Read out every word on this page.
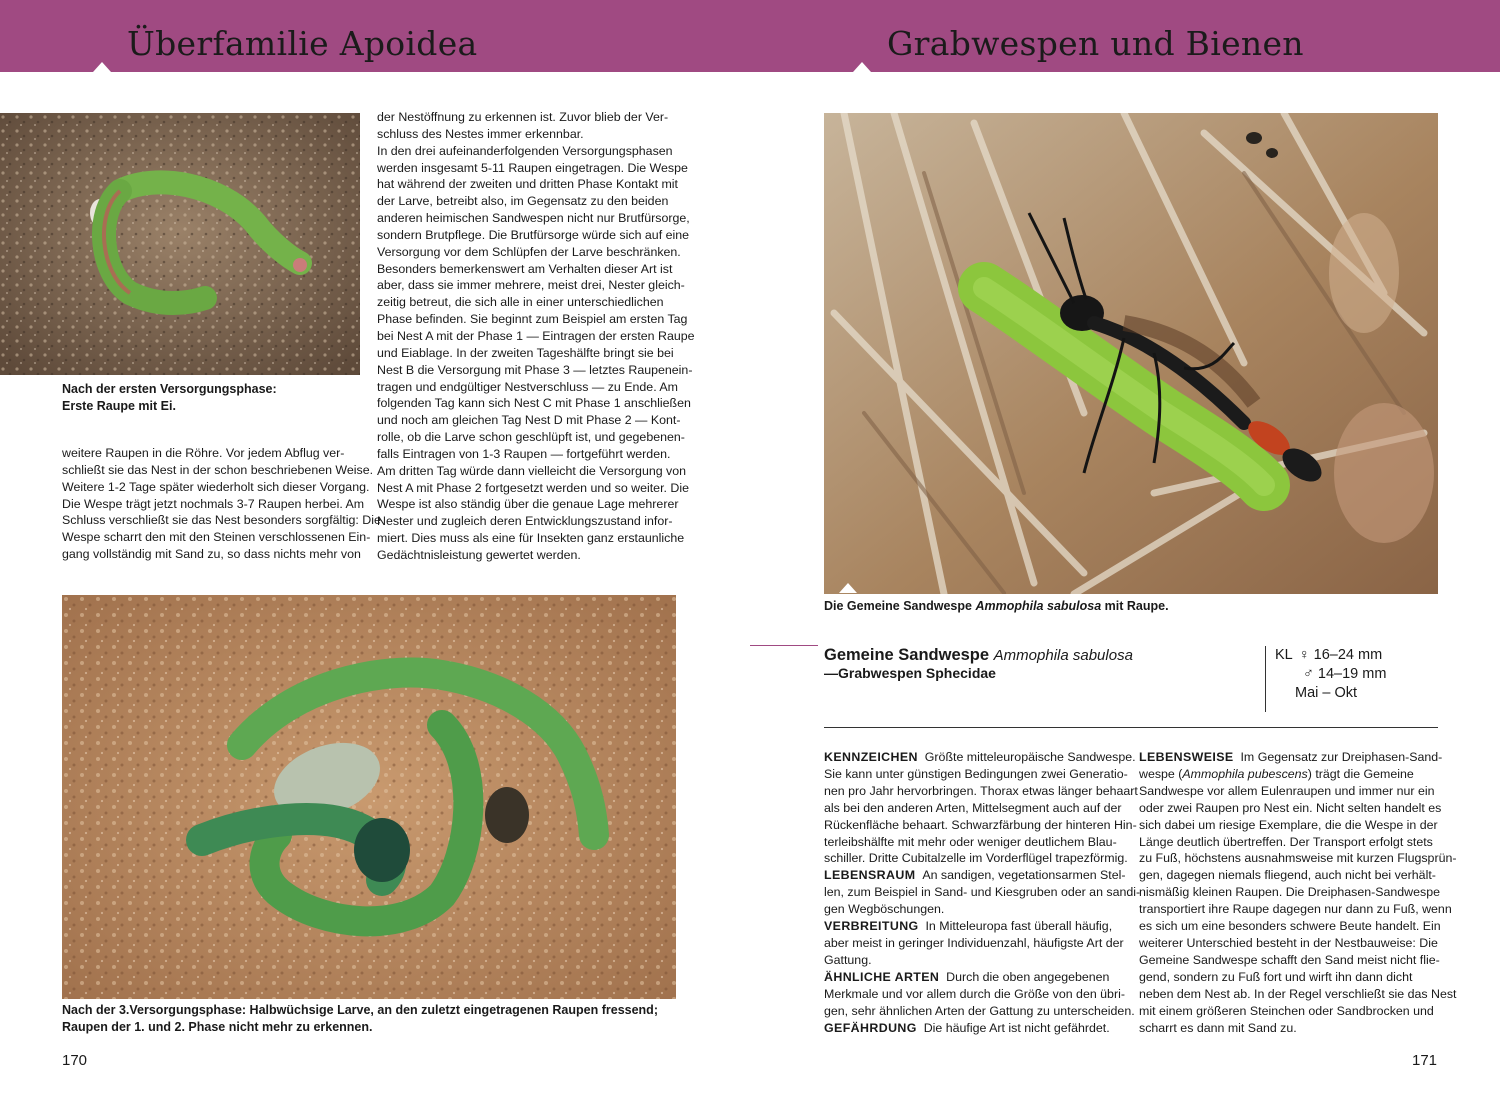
Überfamilie Apoidea
Nach der ersten Versorgungsphase:
Erste Raupe mit Ei.
weitere Raupen in die Röhre. Vor jedem Abflug ver-
schließt sie das Nest in der schon beschriebenen Weise.
Weitere 1-2 Tage später wiederholt sich dieser Vorgang.
Die Wespe trägt jetzt nochmals 3-7 Raupen herbei. Am
Schluss verschließt sie das Nest besonders sorgfältig: Die
Wespe scharrt den mit den Steinen verschlossenen Ein-
gang vollständig mit Sand zu, so dass nichts mehr von
der Nestöffnung zu erkennen ist. Zuvor blieb der Ver-
schluss des Nestes immer erkennbar.
In den drei aufeinanderfolgenden Versorgungsphasen
werden insgesamt 5-11 Raupen eingetragen. Die Wespe
hat während der zweiten und dritten Phase Kontakt mit
der Larve, betreibt also, im Gegensatz zu den beiden
anderen heimischen Sandwespen nicht nur Brutfürsorge,
sondern Brutpflege. Die Brutfürsorge würde sich auf eine
Versorgung vor dem Schlüpfen der Larve beschränken.
Besonders bemerkenswert am Verhalten dieser Art ist
aber, dass sie immer mehrere, meist drei, Nester gleich-
zeitig betreut, die sich alle in einer unterschiedlichen
Phase befinden. Sie beginnt zum Beispiel am ersten Tag
bei Nest A mit der Phase 1 — Eintragen der ersten Raupe
und Eiablage. In der zweiten Tageshälfte bringt sie bei
Nest B die Versorgung mit Phase 3 — letztes Raupenein-
tragen und endgültiger Nestverschluss — zu Ende. Am
folgenden Tag kann sich Nest C mit Phase 1 anschließen
und noch am gleichen Tag Nest D mit Phase 2 — Kont-
rolle, ob die Larve schon geschlüpft ist, und gegebenen-
falls Eintragen von 1-3 Raupen — fortgeführt werden.
Am dritten Tag würde dann vielleicht die Versorgung von
Nest A mit Phase 2 fortgesetzt werden und so weiter. Die
Wespe ist also ständig über die genaue Lage mehrerer
Nester und zugleich deren Entwicklungszustand infor-
miert. Dies muss als eine für Insekten ganz erstaunliche
Gedächtnisleistung gewertet werden.
Nach der 3.Versorgungsphase: Halbwüchsige Larve, an den zuletzt eingetragenen Raupen fressend;
Raupen der 1. und 2. Phase nicht mehr zu erkennen.
170
Grabwespen und Bienen
Die Gemeine Sandwespe Ammophila sabulosa mit Raupe.
Gemeine Sandwespe Ammophila sabulosa
—Grabwespen Sphecidae
KL ♀ 16–24 mm
♂ 14–19 mm
Mai – Okt
KENNZEICHEN Größte mitteleuropäische Sandwespe.
Sie kann unter günstigen Bedingungen zwei Generatio-
nen pro Jahr hervorbringen. Thorax etwas länger behaart
als bei den anderen Arten, Mittelsegment auch auf der
Rückenfläche behaart. Schwarzfärbung der hinteren Hin-
terleibshälfte mit mehr oder weniger deutlichem Blau-
schiller. Dritte Cubitalzelle im Vorderflügel trapezförmig.
LEBENSRAUM An sandigen, vegetationsarmen Stel-
len, zum Beispiel in Sand- und Kiesgruben oder an sandi-
gen Wegböschungen.
VERBREITUNG In Mitteleuropa fast überall häufig,
aber meist in geringer Individuenzahl, häufigste Art der
Gattung.
ÄHNLICHE ARTEN Durch die oben angegebenen
Merkmale und vor allem durch die Größe von den übri-
gen, sehr ähnlichen Arten der Gattung zu unterscheiden.
GEFÄHRDUNG Die häufige Art ist nicht gefährdet.
LEBENSWEISE Im Gegensatz zur Dreiphasen-Sand-
wespe (Ammophila pubescens) trägt die Gemeine
Sandwespe vor allem Eulenraupen und immer nur ein
oder zwei Raupen pro Nest ein. Nicht selten handelt es
sich dabei um riesige Exemplare, die die Wespe in der
Länge deutlich übertreffen. Der Transport erfolgt stets
zu Fuß, höchstens ausnahmsweise mit kurzen Flugsprün-
gen, dagegen niemals fliegend, auch nicht bei verhält-
nismäßig kleinen Raupen. Die Dreiphasen-Sandwespe
transportiert ihre Raupe dagegen nur dann zu Fuß, wenn
es sich um eine besonders schwere Beute handelt. Ein
weiterer Unterschied besteht in der Nestbauweise: Die
Gemeine Sandwespe schafft den Sand meist nicht flie-
gend, sondern zu Fuß fort und wirft ihn dann dicht
neben dem Nest ab. In der Regel verschließt sie das Nest
mit einem größeren Steinchen oder Sandbrocken und
scharrt es dann mit Sand zu.
171
